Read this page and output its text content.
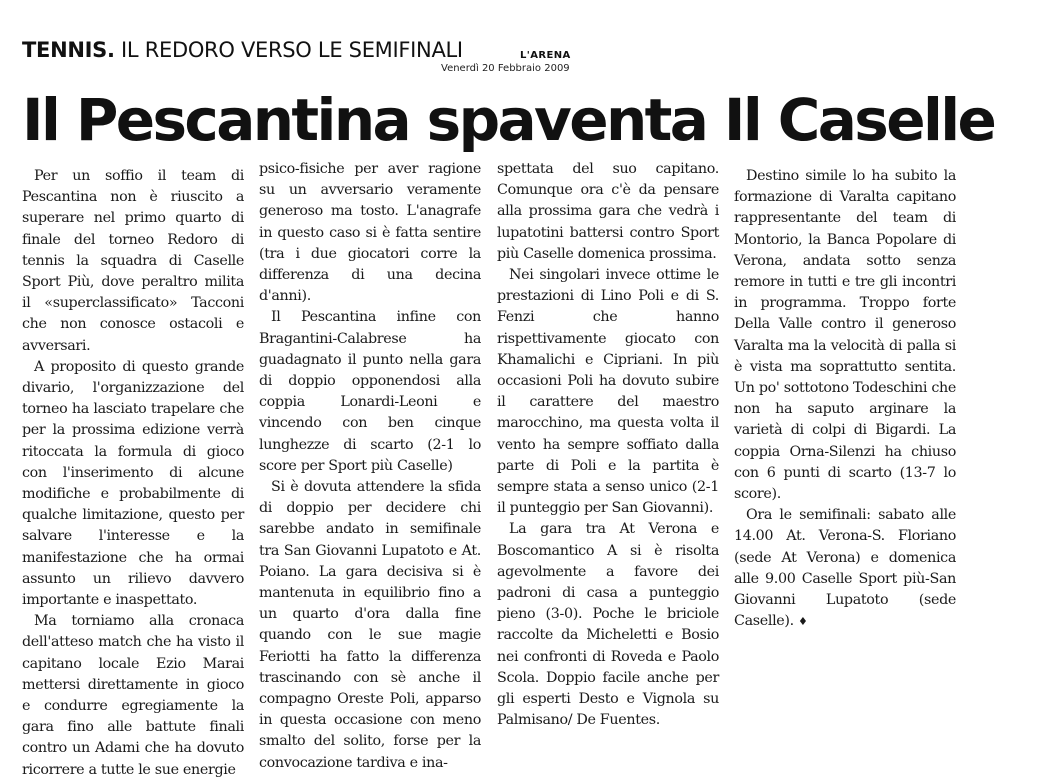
TENNIS. IL REDORO VERSO LE SEMIFINALI	L'ARENA
Venerdì 20 Febbraio 2009
Il Pescantina spaventa Il Caselle

Per un soffio il team di Pescantina non è riuscito a superare nel primo quarto di finale del torneo Redoro di tennis la squadra di Caselle Sport Più, dove peraltro milita il «superclassificato» Tacconi che non conosce ostacoli e avversari.

A proposito di questo grande divario, l'organizzazione del torneo ha lasciato trapelare che per la prossima edizione verrà ritoccata la formula di gioco con l'inserimento di alcune modifiche e probabilmente di qualche limitazione, questo per salvare l'interesse e la manifestazione che ha ormai assunto un rilievo davvero importante e inaspettato.

Ma torniamo alla cronaca dell'atteso match che ha visto il capitano locale Ezio Marai mettersi direttamente in gioco e condurre egregiamente la gara fino alle battute finali contro un Adami che ha dovuto ricorrere a tutte le sue energie

psico-fisiche per aver ragione su un avversario veramente generoso ma tosto. L'anagrafe in questo caso si è fatta sentire (tra i due giocatori corre la differenza di una decina d'anni).

Il Pescantina infine con Bragantini-Calabrese ha guadagnato il punto nella gara di doppio opponendosi alla coppia Lonardi-Leoni e vincendo con ben cinque lunghezze di scarto (2-1 lo score per Sport più Caselle)

Si è dovuta attendere la sfida di doppio per decidere chi sarebbe andato in semifinale tra San Giovanni Lupatoto e At. Poiano. La gara decisiva si è mantenuta in equilibrio fino a un quarto d'ora dalla fine quando con le sue magie Feriotti ha fatto la differenza trascinando con sè anche il compagno Oreste Poli, apparso in questa occasione con meno smalto del solito, forse per la convocazione tardiva e ina-

spettata del suo capitano. Comunque ora c'è da pensare alla prossima gara che vedrà i lupatotini battersi contro Sport più Caselle domenica prossima.

Nei singolari invece ottime le prestazioni di Lino Poli e di S. Fenzi che hanno rispettivamente giocato con Khamalichi e Cipriani. In più occasioni Poli ha dovuto subire il carattere del maestro marocchino, ma questa volta il vento ha sempre soffiato dalla parte di Poli e la partita è sempre stata a senso unico (2-1 il punteggio per San Giovanni).

La gara tra At Verona e Boscomantico A si è risolta agevolmente a favore dei padroni di casa a punteggio pieno (3-0). Poche le briciole raccolte da Micheletti e Bosio nei confronti di Roveda e Paolo Scola. Doppio facile anche per gli esperti Desto e Vignola su Palmisano/ De Fuentes.

Destino simile lo ha subito la formazione di Varalta capitano rappresentante del team di Montorio, la Banca Popolare di Verona, andata sotto senza remore in tutti e tre gli incontri in programma. Troppo forte Della Valle contro il generoso Varalta ma la velocità di palla si è vista ma soprattutto sentita. Un po' sottotono Todeschini che non ha saputo arginare la varietà di colpi di Bigardi. La coppia Orna-Silenzi ha chiuso con 6 punti di scarto (13-7 lo score).

Ora le semifinali: sabato alle 14.00 At. Verona-S. Floriano (sede At Verona) e domenica alle 9.00 Caselle Sport più-San Giovanni Lupatoto (sede Caselle). ♦
